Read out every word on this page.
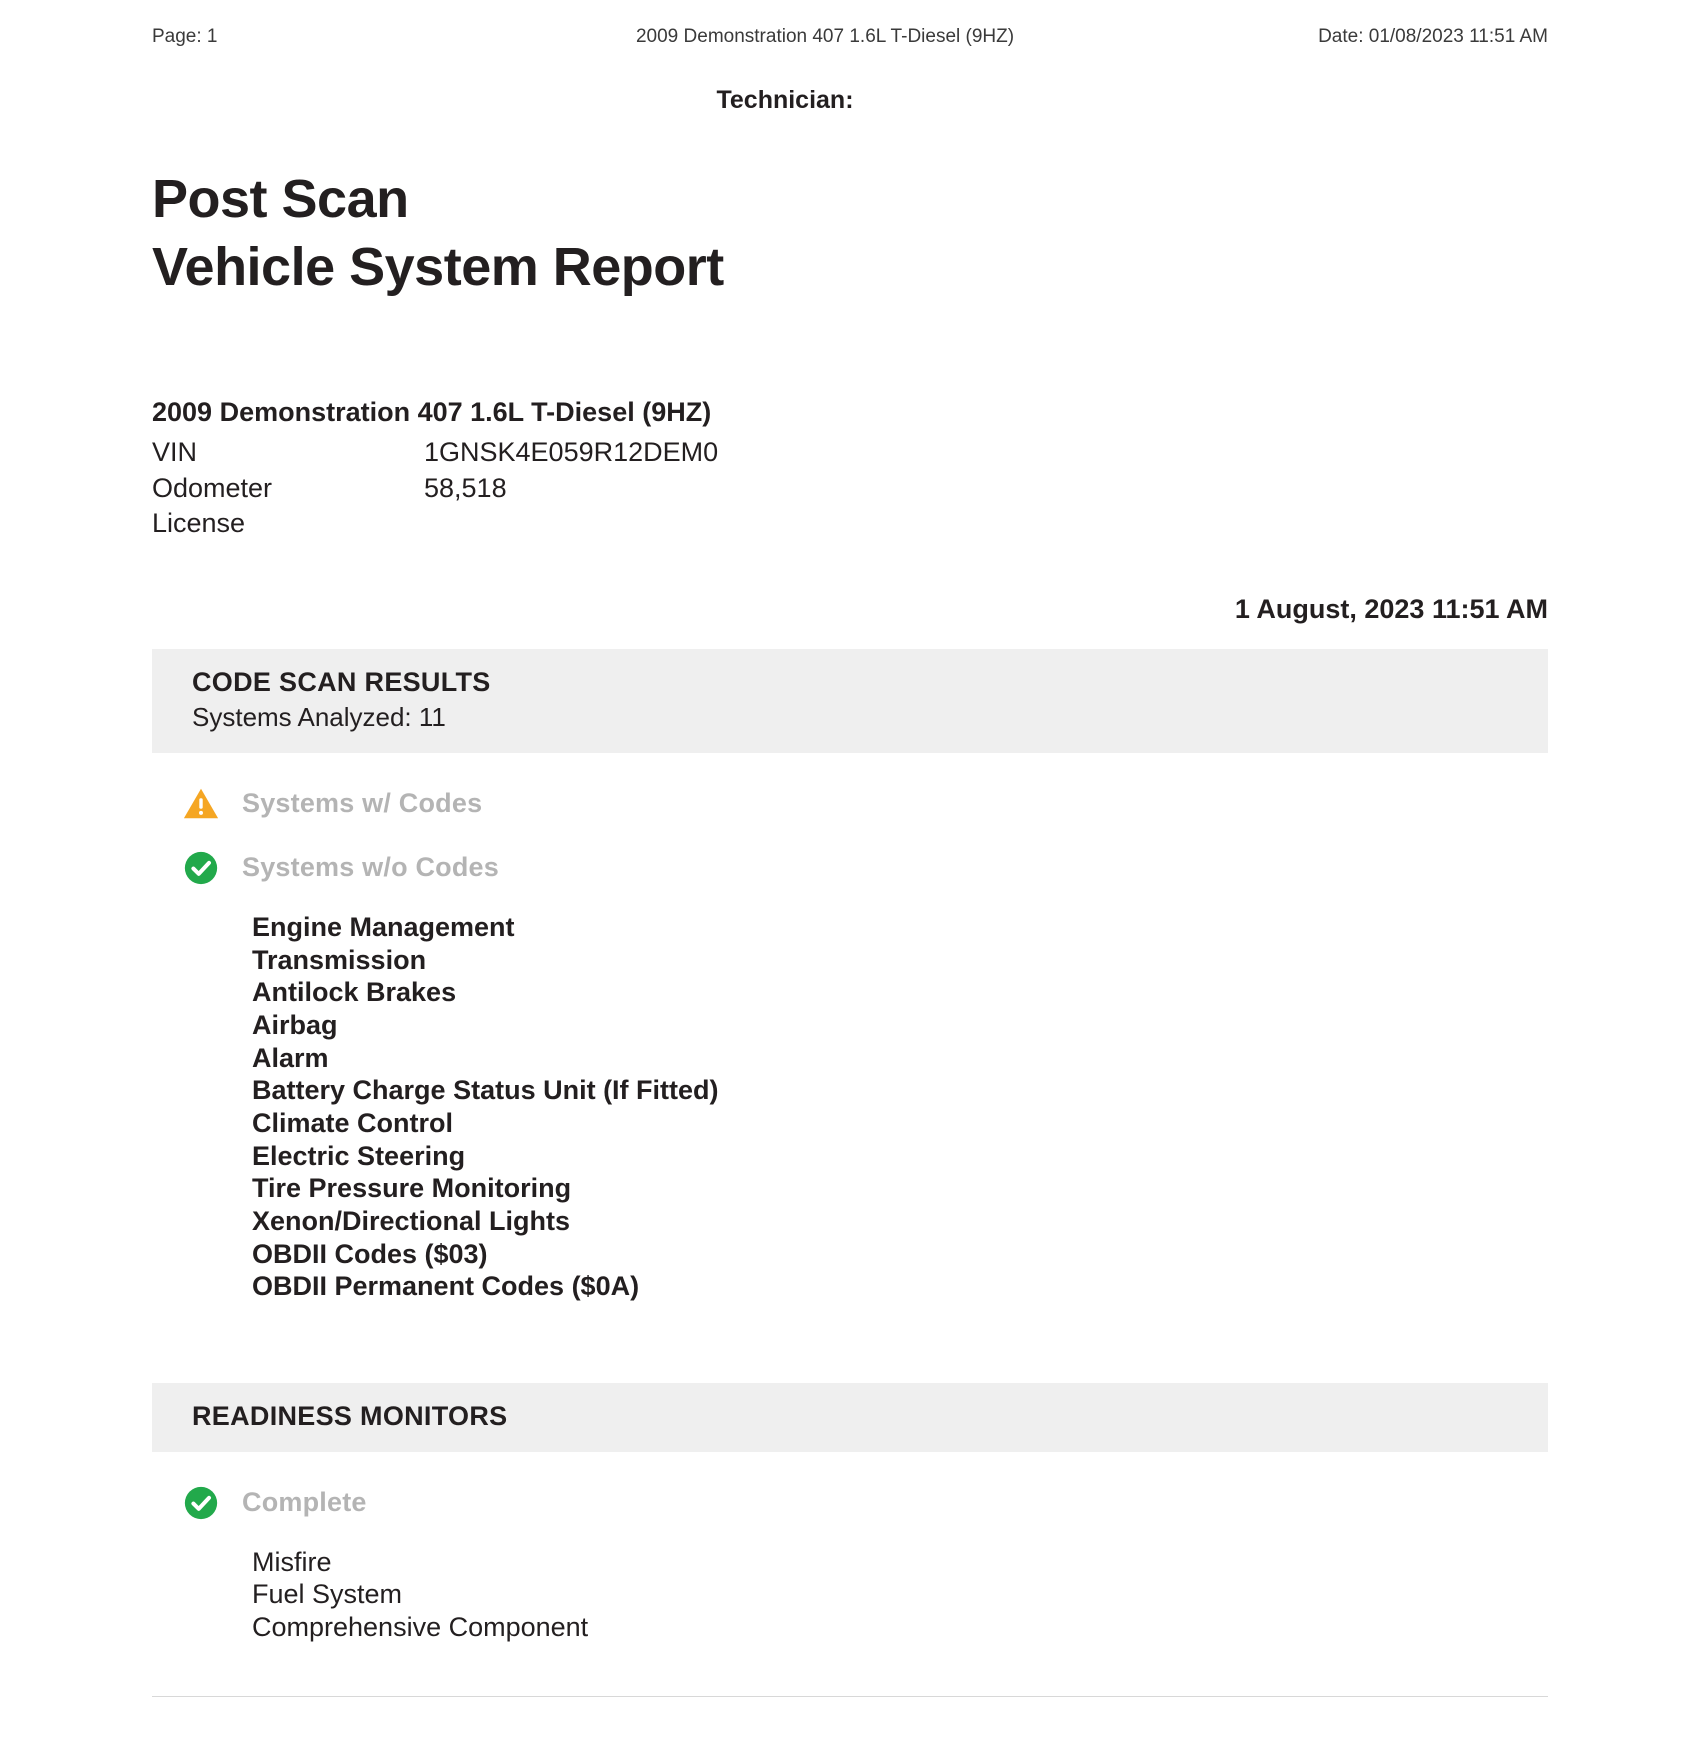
Page: 1	2009 Demonstration 407 1.6L T-Diesel (9HZ)	Date: 01/08/2023 11:51 AM
Technician:
Post Scan
Vehicle System Report
2009 Demonstration 407 1.6L T-Diesel (9HZ)
VIN	1GNSK4E059R12DEM0
Odometer	58,518
License
1 August, 2023 11:51 AM
CODE SCAN RESULTS
Systems Analyzed: 11
Systems w/ Codes
Systems w/o Codes
Engine Management
Transmission
Antilock Brakes
Airbag
Alarm
Battery Charge Status Unit (If Fitted)
Climate Control
Electric Steering
Tire Pressure Monitoring
Xenon/Directional Lights
OBDII Codes ($03)
OBDII Permanent Codes ($0A)
READINESS MONITORS
Complete
Misfire
Fuel System
Comprehensive Component
